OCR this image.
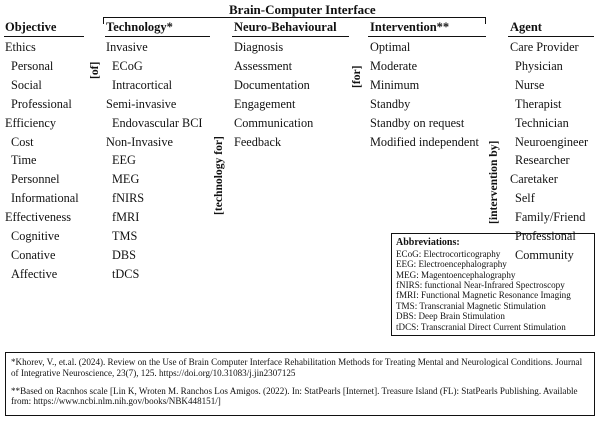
Brain-Computer Interface
Objective	Technology*	Neuro-Behavioural	Intervention**	Agent
[of]
[technology for]
[for]
[intervention by]
Ethics
Personal
Social
Professional
Efficiency
Cost
Time
Personnel
Informational
Effectiveness
Cognitive
Conative
Affective
Invasive
ECoG
Intracortical
Semi-invasive
Endovascular BCI
Non-Invasive
EEG
MEG
fNIRS
fMRI
TMS
DBS
tDCS
Diagnosis
Assessment
Documentation
Engagement
Communication
Feedback
Optimal
Moderate
Minimum
Standby
Standby on request
Modified independent
Care Provider
Physician
Nurse
Therapist
Technician
Neuroengineer
Researcher
Caretaker
Self
Family/Friend
Professional
Community
Abbreviations:
ECoG: Electrocorticography
EEG: Electroencephalography
MEG: Magentoencephalography
fNIRS: functional Near-Infrared Spectroscopy
fMRI: Functional Magnetic Resonance Imaging
TMS: Transcranial Magnetic Stimulation
DBS: Deep Brain Stimulation
tDCS: Transcranial Direct Current Stimulation
*Khorev, V., et.al. (2024). Review on the Use of Brain Computer Interface Rehabilitation Methods for Treating Mental and Neurological Conditions. Journal of Integrative Neuroscience, 23(7), 125. https://doi.org/10.31083/j.jin2307125
**Based on Racnhos scale [Lin K, Wroten M. Ranchos Los Amigos. (2022). In: StatPearls [Internet]. Treasure Island (FL): StatPearls Publishing. Available from: https://www.ncbi.nlm.nih.gov/books/NBK448151/]
